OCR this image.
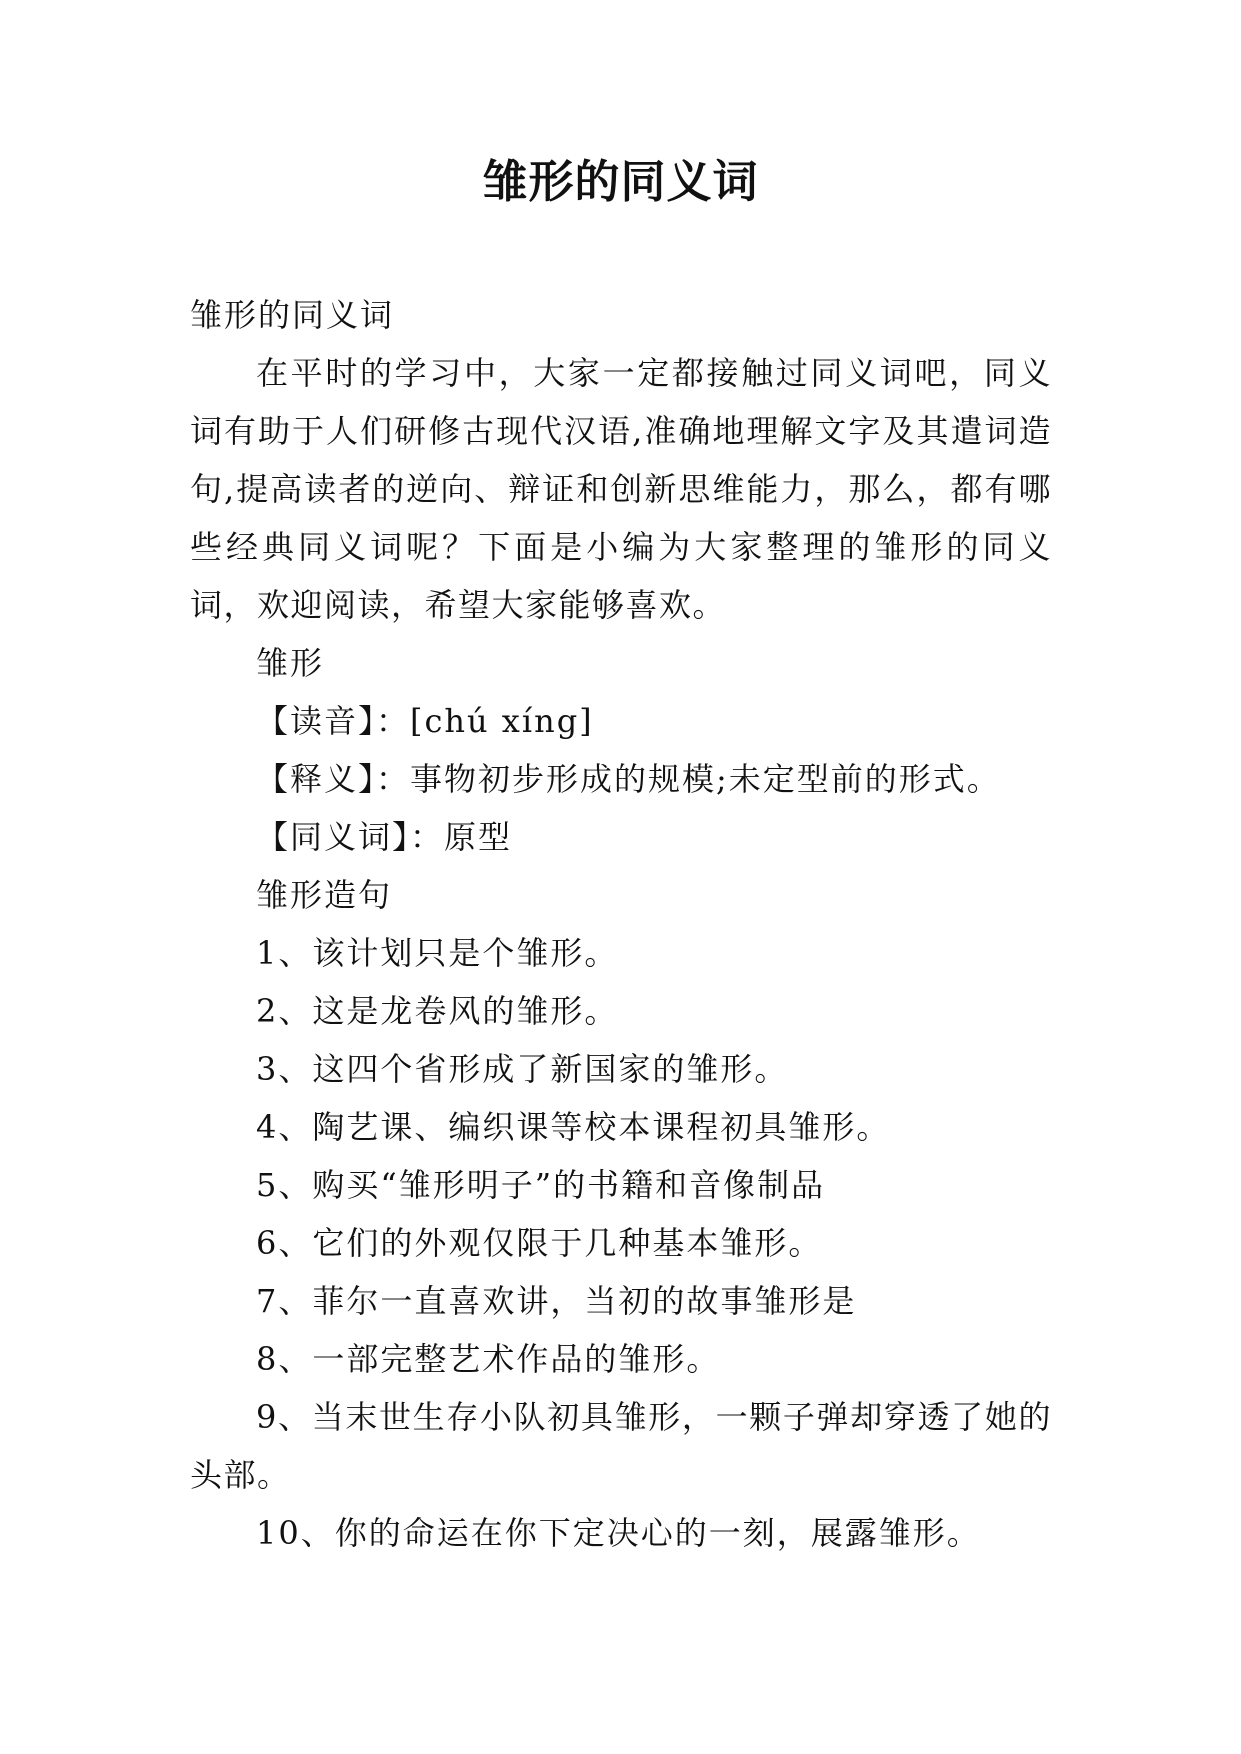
雏形的同义词

雏形的同义词

在平时的学习中，大家一定都接触过同义词吧，同义词有助于人们研修古现代汉语,准确地理解文字及其遣词造句,提高读者的逆向、辩证和创新思维能力，那么，都有哪些经典同义词呢？下面是小编为大家整理的雏形的同义词，欢迎阅读，希望大家能够喜欢。

雏形

【读音】：[chú xíng]

【释义】：事物初步形成的规模;未定型前的形式。

【同义词】：原型

雏形造句

1、该计划只是个雏形。

2、这是龙卷风的雏形。

3、这四个省形成了新国家的雏形。

4、陶艺课、编织课等校本课程初具雏形。

5、购买“雏形明子”的书籍和音像制品

6、它们的外观仅限于几种基本雏形。

7、菲尔一直喜欢讲，当初的故事雏形是

8、一部完整艺术作品的雏形。

9、当末世生存小队初具雏形，一颗子弹却穿透了她的头部。

10、你的命运在你下定决心的一刻，展露雏形。
